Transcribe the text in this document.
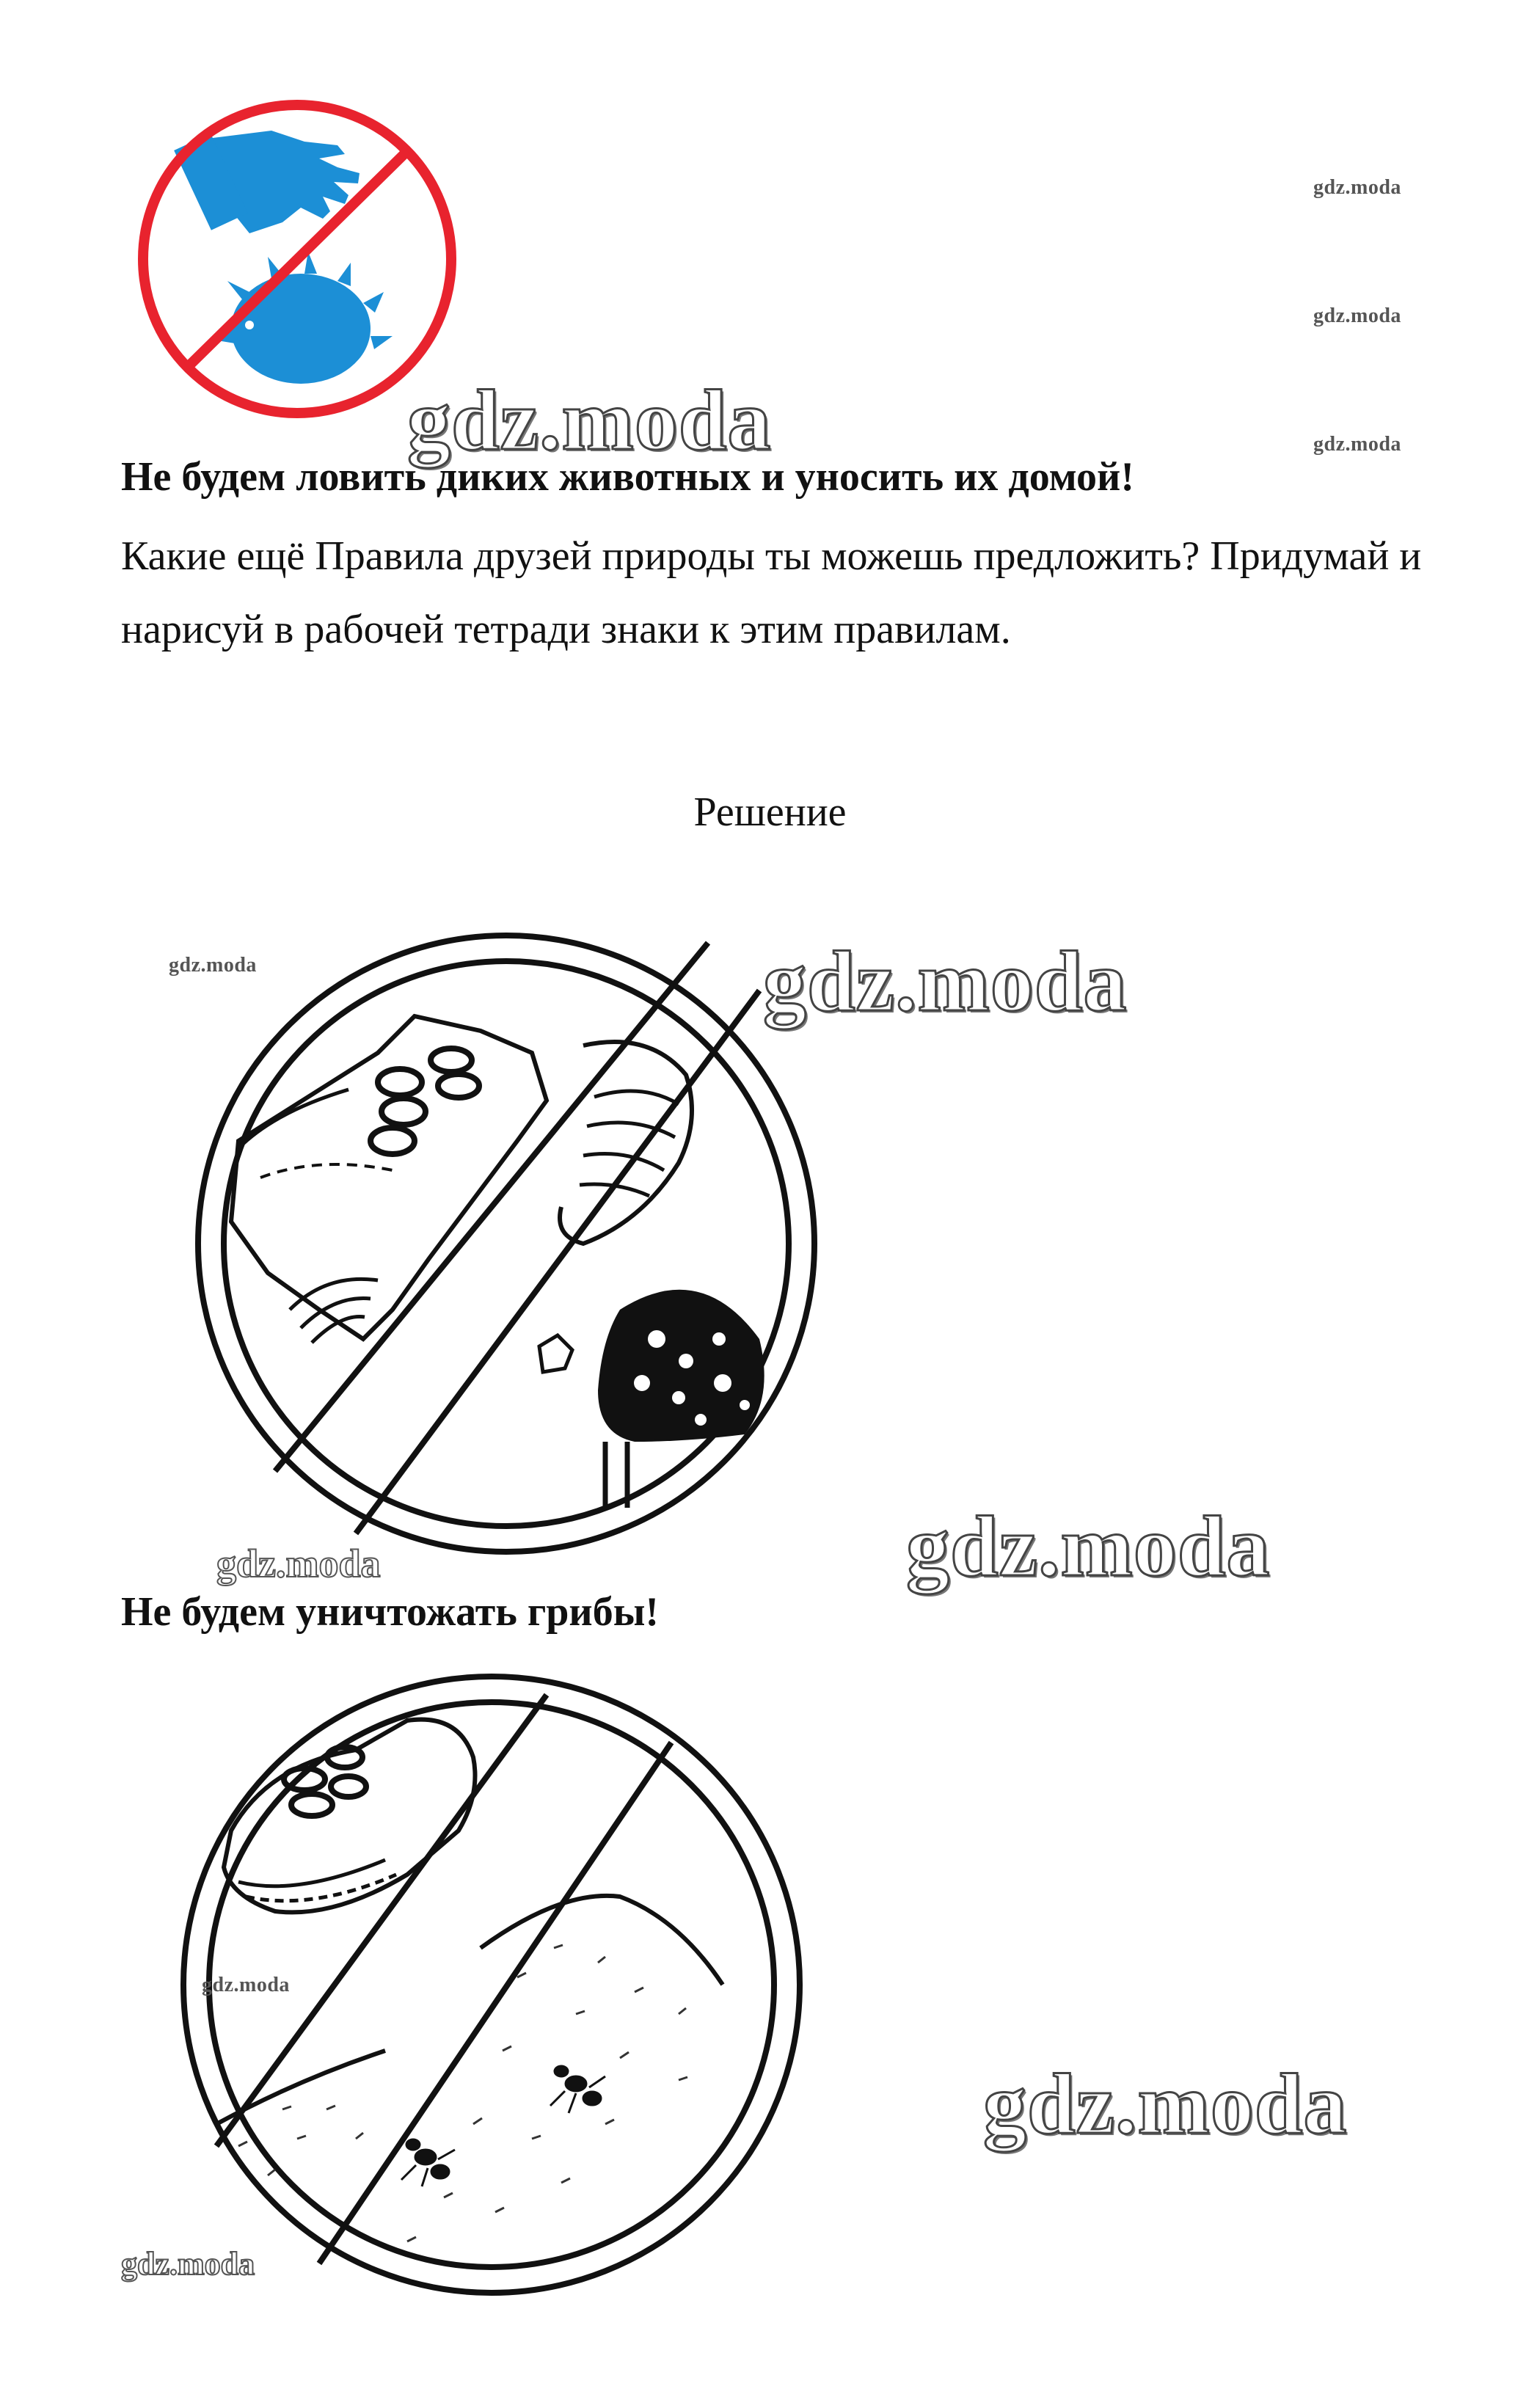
gdz.moda
gdz.moda
gdz.moda
gdz.moda
Не будем ловить диких животных и уносить их домой!
Какие ещё Правила друзей природы ты можешь предложить? Придумай и нарисуй в рабочей тетради знаки к этим правилам.
Решение
gdz.moda	gdz.moda
gdz.moda
gdz.moda
Не будем уничтожать грибы!
gdz.moda
gdz.moda
gdz.moda
